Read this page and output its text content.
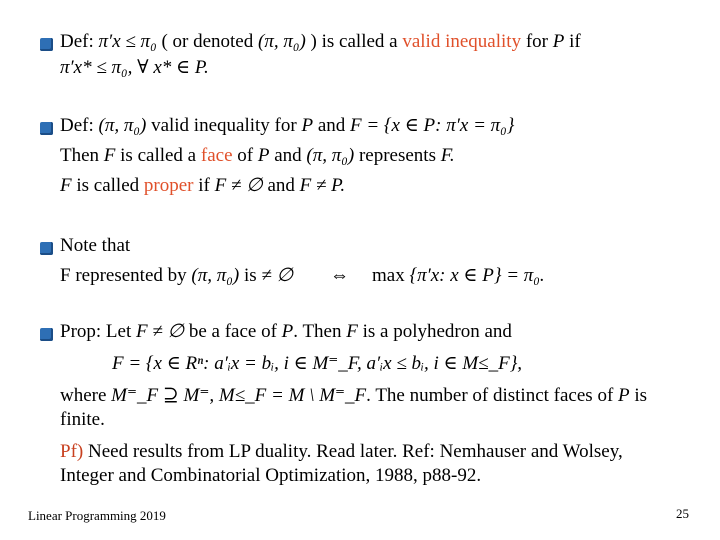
Def: π′x ≤ π₀ ( or denoted (π, π₀) ) is called a valid inequality for P if
π′x* ≤ π₀, ∀ x* ∈ P.
Def: (π, π₀) valid inequality for P and F = {x ∈ P: π′x = π₀}
Then F is called a face of P and (π, π₀) represents F.
F is called proper if F ≠ ∅ and F ≠ P.
Note that
F represented by (π, π₀) is ≠ ∅ ⇔ max {π′x: x ∈ P} = π₀.
Prop: Let F ≠ ∅ be a face of P. Then F is a polyhedron and
F = {x ∈ Rⁿ: a′ᵢx = bᵢ, i ∈ M⁼_F, a′ᵢx ≤ bᵢ, i ∈ M≤_F},
where M⁼_F ⊇ M⁼, M≤_F = M \ M⁼_F. The number of distinct faces of P is
finite.
Pf) Need results from LP duality. Read later. Ref: Nemhauser and Wolsey,
Integer and Combinatorial Optimization, 1988, p88-92.
Linear Programming 2019	25
